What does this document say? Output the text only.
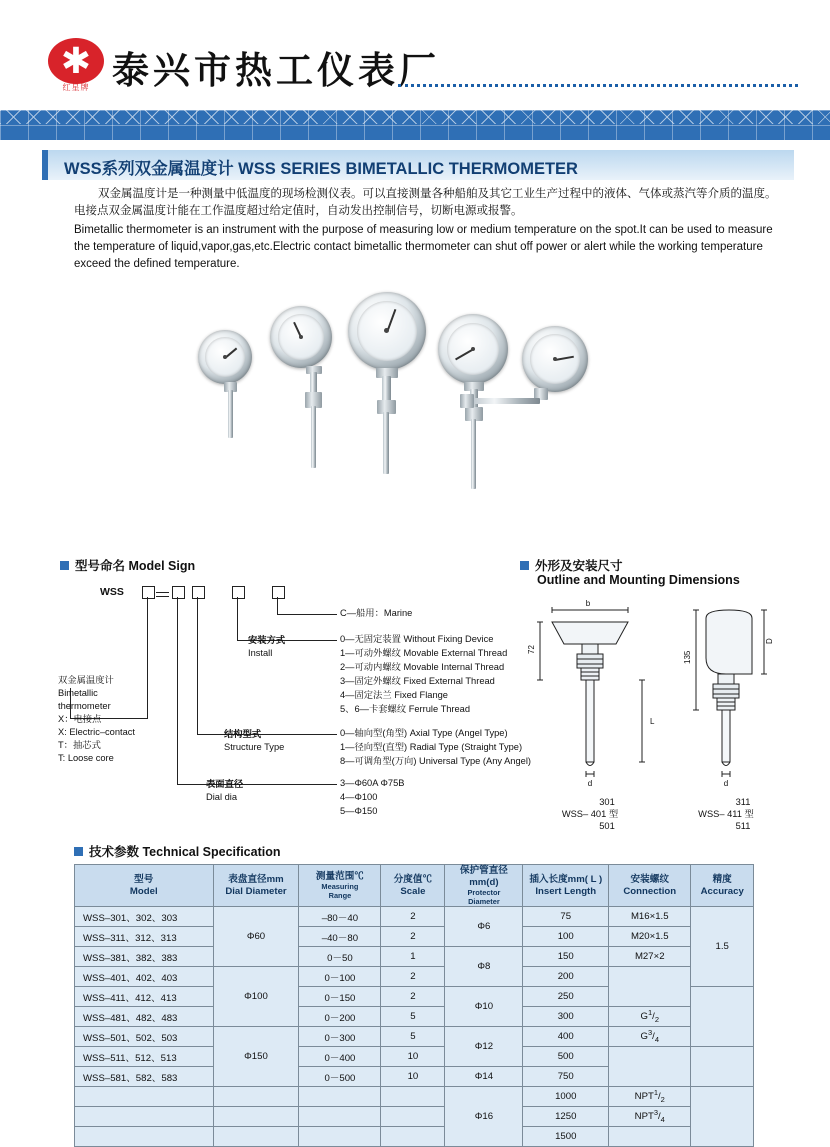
✱
红星牌 泰兴市热工仪表厂
WSS系列双金属温度计 WSS SERIES BIMETALLIC THERMOMETER

双金属温度计是一种测量中低温度的现场检测仪表。可以直接测量各种船舶及其它工业生产过程中的液体、气体或蒸汽等介质的温度。电接点双金属温度计能在工作温度超过给定值时，自动发出控制信号，切断电源或报警。

Bimetallic thermometer is an instrument with the purpose of measuring low or medium temperature on the spot.It can be used to measure the temperature of liquid,vapor,gas,etc.Electric contact bimetallic thermometer can shut off power or alert while the working temperature exceed the defined temperature.

型号命名 Model Sign
WSS
C—船用：Marine
0—无固定装置 Without Fixing Device
1—可动外螺纹 Movable External Thread
2—可动内螺纹 Movable Internal Thread
3—固定外螺纹 Fixed External Thread
4—固定法兰 Fixed Flange
5、6—卡套螺纹 Ferrule Thread
0—轴向型(角型) Axial Type (Angel Type)
1—径向型(直型) Radial Type (Straight Type)
8—可调角型(万向) Universal Type (Any Angel)
3—Φ60A Φ75B
4—Φ100
5—Φ150
安装方式
Install
结构型式
Structure Type
表面直径
Dial dia
双金属温度计
Bimetallic
thermometer
X：电接点
X: Electric–contact
T：抽芯式
T: Loose core
外形及安装尺寸
Outline and Mounting Dimensions
b
L
72
d
D
135
d
301
WSS– 401 型
501
311
WSS– 411 型
511
技术参数 Technical Specification
型号
Model

表盘直径mm
Dial Diameter

测量范围℃
Measuring
Range

分度值℃
Scale

保护管直径mm(d)
Protector
Diameter

插入长度mm( L )
Insert Length

安装螺纹
Connection

精度
Accuracy

WSS–301、302、303	Φ60	–80－40	2	Φ6	75	M16×1.5	1.5
WSS–311、312、313		–40－80	2		100	M20×1.5	
WSS–381、382、383		0－50	1	Φ8	150	M27×2	
WSS–401、402、403	Φ100	0－100	2		200		
WSS–411、412、413		0－150	2	Φ10	250		
WSS–481、482、483		0－200	5		300	$G^1/_2$
WSS–501、502、503	Φ150	0－300	5	Φ12	400	$G^3/_4$
WSS–511、512、513		0－400	10		500		
WSS–581、582、583		0－500	10	Φ14	750		
				Φ16	1000	$NPT^1/_2$	
					1250	$NPT^3/_4$
					1500		
